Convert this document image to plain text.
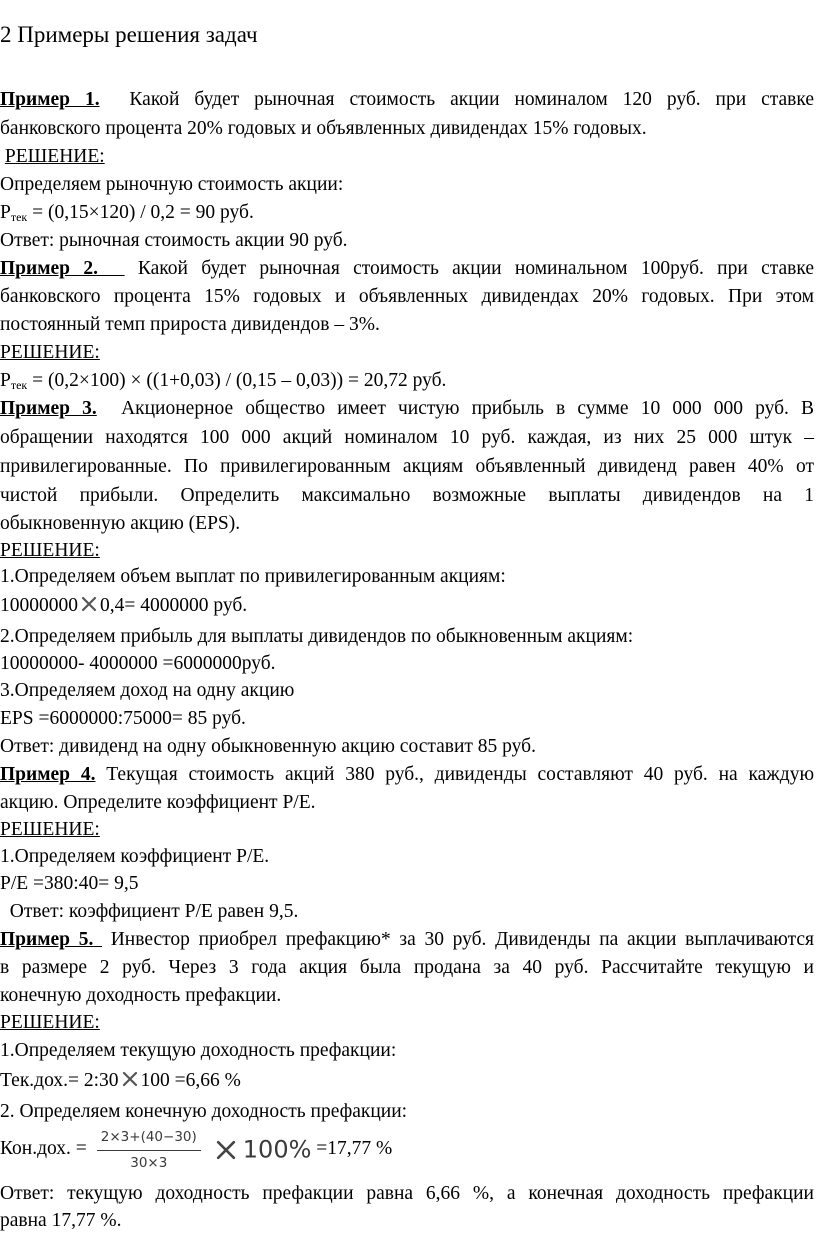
2 Примеры решения задач
Пример 1. Какой будет рыночная стоимость акции номиналом 120 руб. при ставке
банковского процента 20% годовых и объявленных дивидендах 15% годовых.
РЕШЕНИЕ:
Определяем рыночную стоимость акции:
$P_{тек} = (0,15\times 120) / 0,2 = 90$ руб.
Ответ: рыночная стоимость акции 90 руб.
Пример 2. Какой будет рыночная стоимость акции номинальном 100руб. при ставке
банковского процента 15% годовых и объявленных дивидендах 20% годовых. При этом
постоянный темп прироста дивидендов – 3%.
РЕШЕНИЕ:
$P_{тек} = (0,2\times 100) \times ((1+0,03) / (0,15 - 0,03)) = 20,72$ руб.
Пример 3. Акционерное общество имеет чистую прибыль в сумме 10 000 000 руб. В
обращении находятся 100 000 акций номиналом 10 руб. каждая, из них 25 000 штук –
привилегированные. По привилегированным акциям объявленный дивиденд равен 40% от
чистой прибыли. Определить максимально возможные выплаты дивидендов на 1
обыкновенную акцию (EPS).
РЕШЕНИЕ:
1.Определяем объем выплат по привилегированным акциям:
10000000 0,4= 4000000 руб.
2.Определяем прибыль для выплаты дивидендов по обыкновенным акциям:
10000000- 4000000 =6000000руб.
3.Определяем доход на одну акцию
EPS =6000000:75000= 85 руб.
Ответ: дивиденд на одну обыкновенную акцию составит 85 руб.
Пример 4. Текущая стоимость акций 380 руб., дивиденды составляют 40 руб. на каждую
акцию. Определите коэффициент P/E.
РЕШЕНИЕ:
1.Определяем коэффициент P/E.
P/E =380:40= 9,5
Ответ: коэффициент P/E равен 9,5.
Пример 5. Инвестор приобрел префакцию* за 30 руб. Дивиденды па акции выплачиваются
в размере 2 руб. Через 3 года акция была продана за 40 руб. Рассчитайте текущую и
конечную доходность префакции.
РЕШЕНИЕ:
1.Определяем текущую доходность префакции:
Тек.дох.= 2:30 100 =6,66 %
2. Определяем конечную доходность префакции:
Кон.дох. = $\frac{2\times 3+(40-30)}{30\times 3} 100\% =17,77$ %
Ответ: текущую доходность префакции равна 6,66 %, а конечная доходность префакции
равна 17,77 %.
